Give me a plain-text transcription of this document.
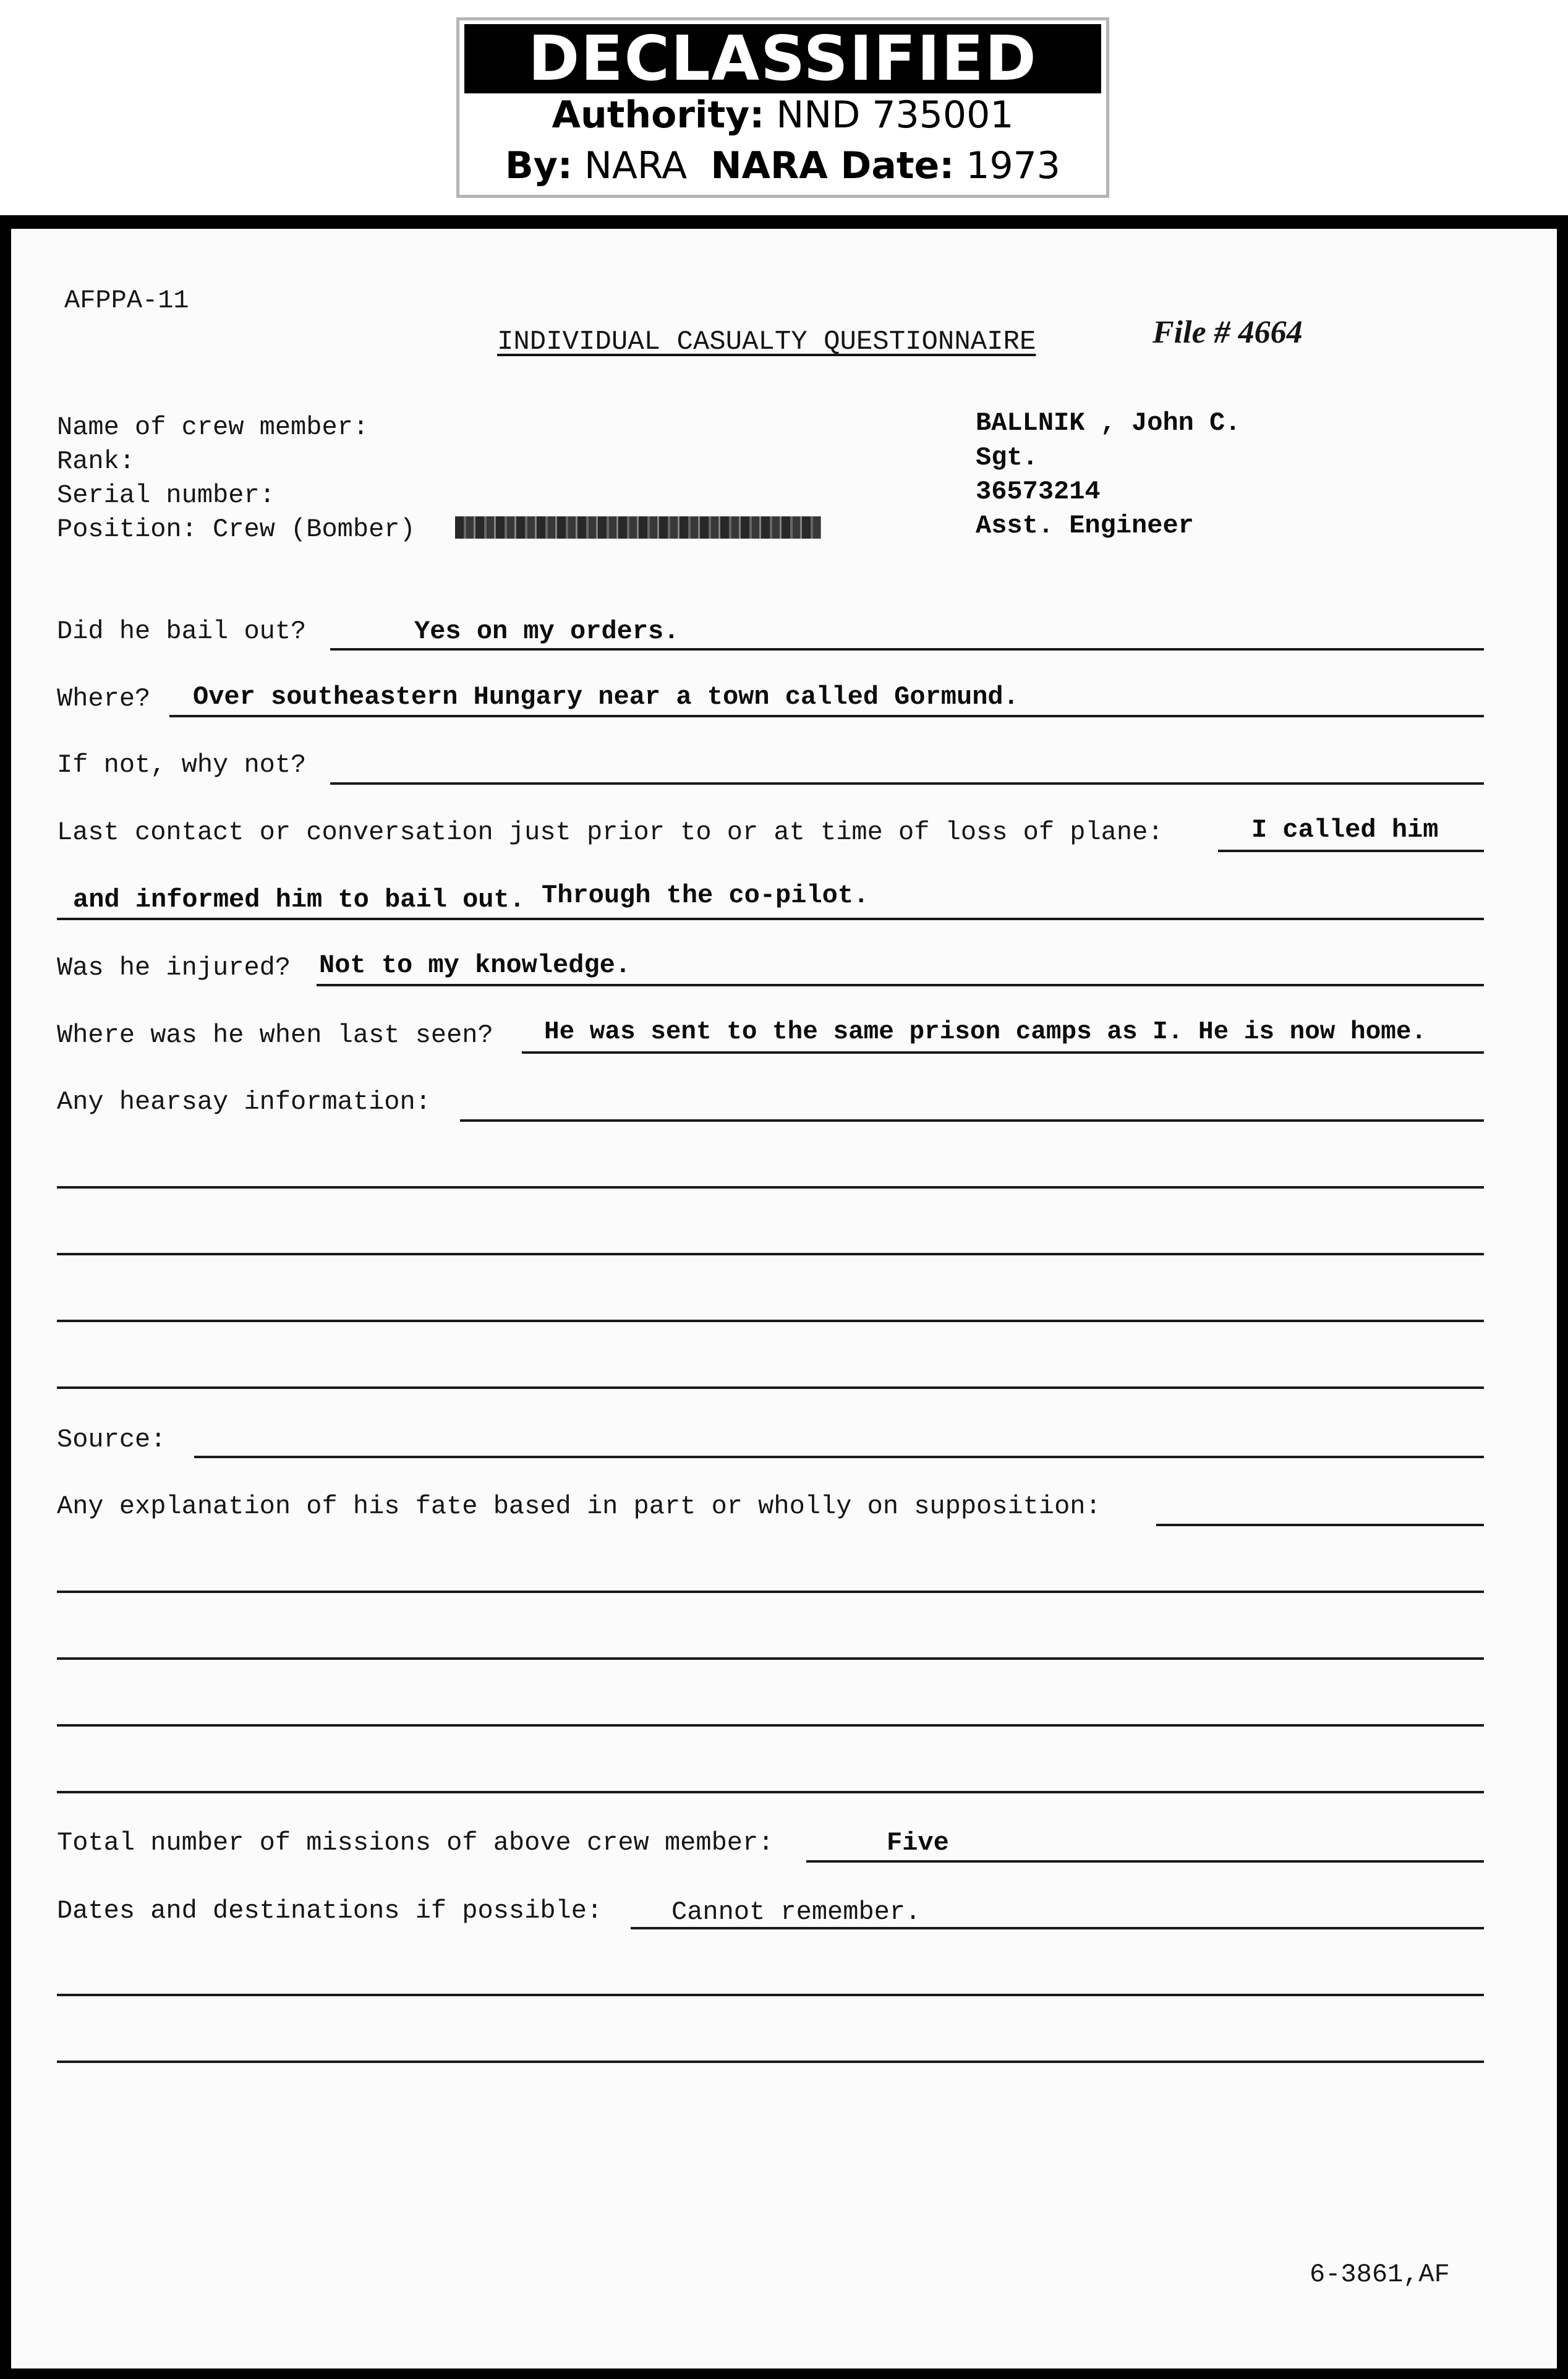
DECLASSIFIED
Authority: NND 735001
By: NARA NARA Date: 1973
AFPPA-11
INDIVIDUAL CASUALTY QUESTIONNAIRE	File # 4664
Name of crew member:	BALLNIK , John C.
Rank:	Sgt.
Serial number:	36573214
Position: Crew (Bomber)	Asst. Engineer
Did he bail out?	Yes on my orders.
Where? Over southeastern Hungary near a town called Gormund.
If not, why not?
Last contact or conversation just prior to or at time of loss of plane:	I called him
and informed him to bail out. Through the co-pilot.
Was he injured? Not to my knowledge.
Where was he when last seen? He was sent to the same prison camps as I. He is now home.
Any hearsay information:
Source:
Any explanation of his fate based in part or wholly on supposition:
Total number of missions of above crew member:	Five
Dates and destinations if possible:	Cannot remember.
6-3861,AF
